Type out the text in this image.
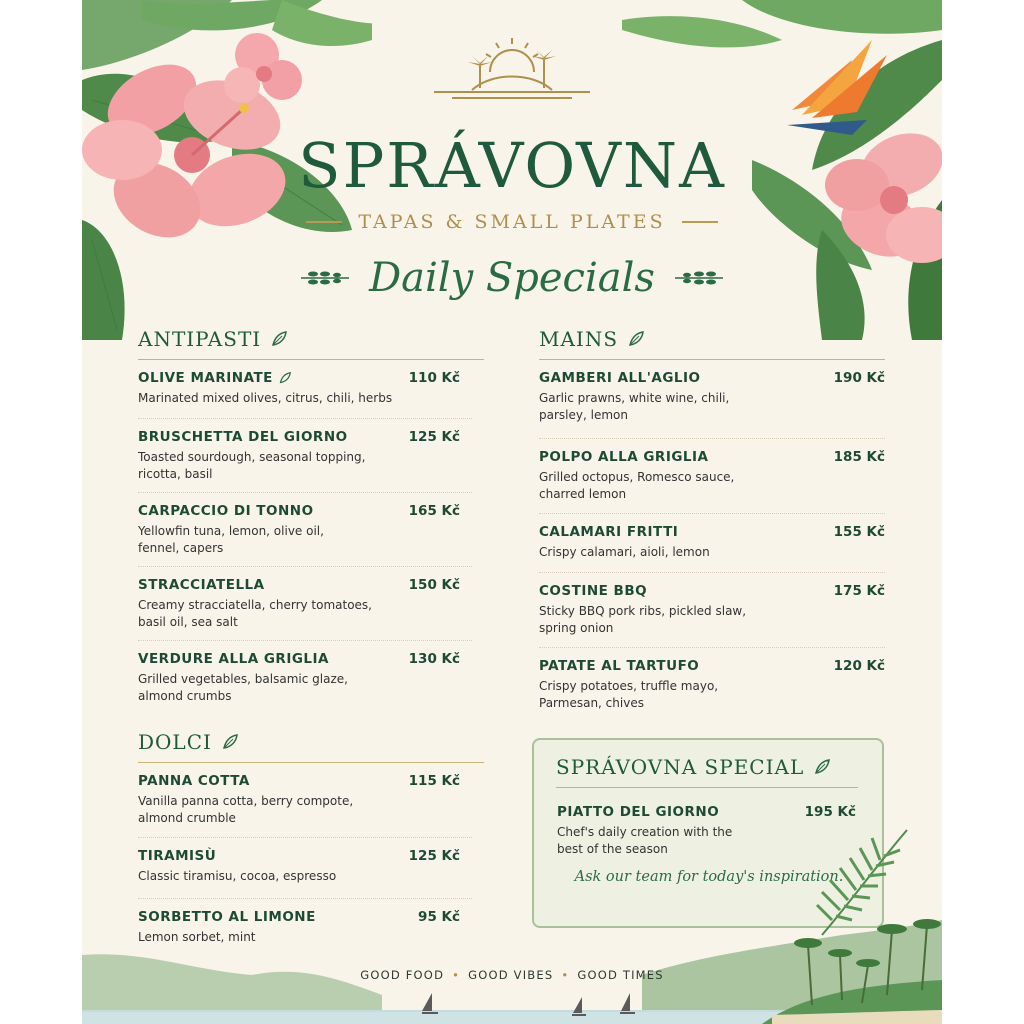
SPRÁVOVNA
TAPAS & SMALL PLATES
Daily Specials
ANTIPASTI
OLIVE MARINATE	110 Kč
Marinated mixed olives, citrus, chili, herbs
BRUSCHETTA DEL GIORNO	125 Kč
Toasted sourdough, seasonal topping, ricotta, basil
CARPACCIO DI TONNO	165 Kč
Yellowfin tuna, lemon, olive oil, fennel, capers
STRACCIATELLA	150 Kč
Creamy stracciatella, cherry tomatoes, basil oil, sea salt
VERDURE ALLA GRIGLIA	130 Kč
Grilled vegetables, balsamic glaze, almond crumbs
MAINS
GAMBERI ALL'AGLIO	190 Kč
Garlic prawns, white wine, chili, parsley, lemon
POLPO ALLA GRIGLIA	185 Kč
Grilled octopus, Romesco sauce, charred lemon
CALAMARI FRITTI	155 Kč
Crispy calamari, aioli, lemon
COSTINE BBQ	175 Kč
Sticky BBQ pork ribs, pickled slaw, spring onion
PATATE AL TARTUFO	120 Kč
Crispy potatoes, truffle mayo, Parmesan, chives
DOLCI
PANNA COTTA	115 Kč
Vanilla panna cotta, berry compote, almond crumble
TIRAMISÙ	125 Kč
Classic tiramisu, cocoa, espresso
SORBETTO AL LIMONE	95 Kč
Lemon sorbet, mint
SPRÁVOVNA SPECIAL
PIATTO DEL GIORNO	195 Kč
Chef's daily creation with the best of the season
Ask our team for today's inspiration.
GOOD FOOD • GOOD VIBES • GOOD TIMES
